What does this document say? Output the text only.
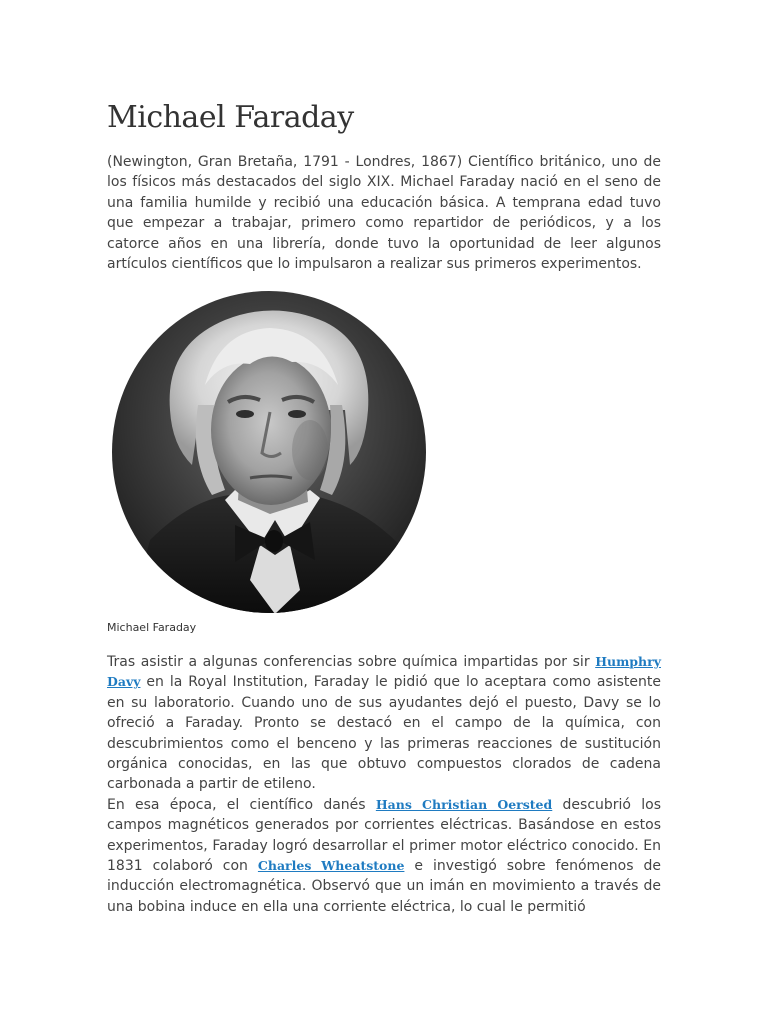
Michael Faraday

(Newington, Gran Bretaña, 1791 - Londres, 1867) Científico británico, uno de los físicos más destacados del siglo XIX. Michael Faraday nació en el seno de una familia humilde y recibió una educación básica. A temprana edad tuvo que empezar a trabajar, primero como repartidor de periódicos, y a los catorce años en una librería, donde tuvo la oportunidad de leer algunos artículos científicos que lo impulsaron a realizar sus primeros experimentos.

Michael Faraday

Tras asistir a algunas conferencias sobre química impartidas por sir Humphry Davy en la Royal Institution, Faraday le pidió que lo aceptara como asistente en su laboratorio. Cuando uno de sus ayudantes dejó el puesto, Davy se lo ofreció a Faraday. Pronto se destacó en el campo de la química, con descubrimientos como el benceno y las primeras reacciones de sustitución orgánica conocidas, en las que obtuvo compuestos clorados de cadena carbonada a partir de etileno.

En esa época, el científico danés Hans Christian Oersted descubrió los campos magnéticos generados por corrientes eléctricas. Basándose en estos experimentos, Faraday logró desarrollar el primer motor eléctrico conocido. En 1831 colaboró con Charles Wheatstone e investigó sobre fenómenos de inducción electromagnética. Observó que un imán en movimiento a través de una bobina induce en ella una corriente eléctrica, lo cual le permitió
